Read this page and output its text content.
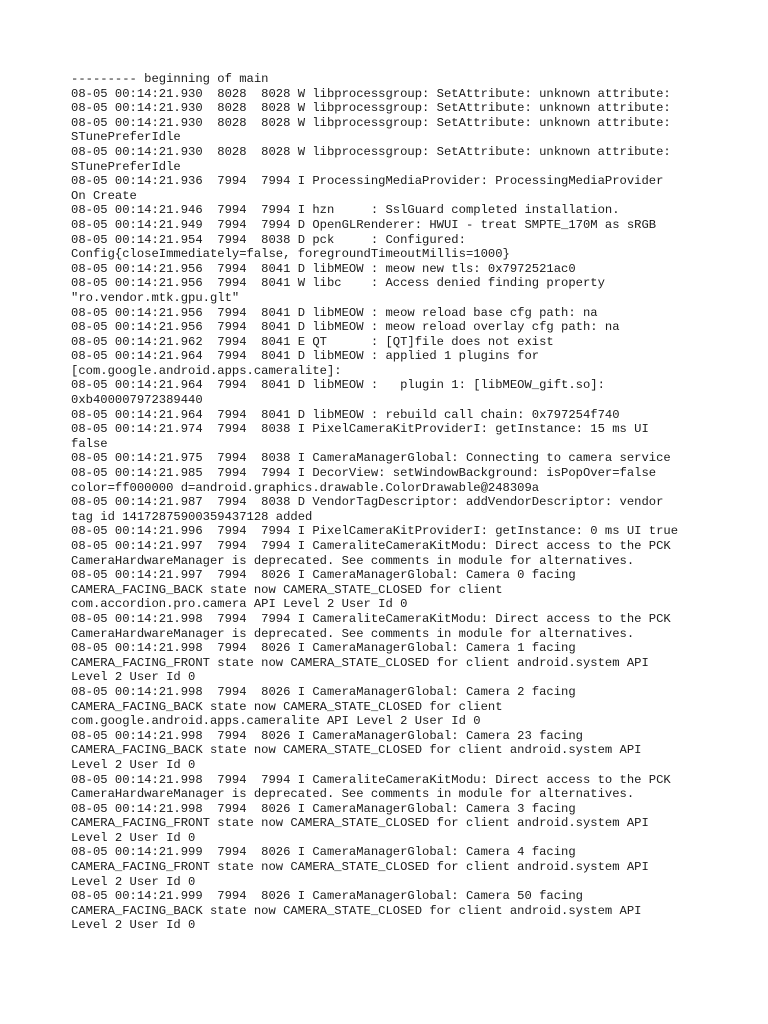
--------- beginning of main
08-05 00:14:21.930  8028  8028 W libprocessgroup: SetAttribute: unknown attribute:
08-05 00:14:21.930  8028  8028 W libprocessgroup: SetAttribute: unknown attribute:
08-05 00:14:21.930  8028  8028 W libprocessgroup: SetAttribute: unknown attribute:
STunePreferIdle
08-05 00:14:21.930  8028  8028 W libprocessgroup: SetAttribute: unknown attribute:
STunePreferIdle
08-05 00:14:21.936  7994  7994 I ProcessingMediaProvider: ProcessingMediaProvider
On Create
08-05 00:14:21.946  7994  7994 I hzn     : SslGuard completed installation.
08-05 00:14:21.949  7994  7994 D OpenGLRenderer: HWUI - treat SMPTE_170M as sRGB
08-05 00:14:21.954  7994  8038 D pck     : Configured:
Config{closeImmediately=false, foregroundTimeoutMillis=1000}
08-05 00:14:21.956  7994  8041 D libMEOW : meow new tls: 0x7972521ac0
08-05 00:14:21.956  7994  8041 W libc    : Access denied finding property
"ro.vendor.mtk.gpu.glt"
08-05 00:14:21.956  7994  8041 D libMEOW : meow reload base cfg path: na
08-05 00:14:21.956  7994  8041 D libMEOW : meow reload overlay cfg path: na
08-05 00:14:21.962  7994  8041 E QT      : [QT]file does not exist
08-05 00:14:21.964  7994  8041 D libMEOW : applied 1 plugins for
[com.google.android.apps.cameralite]:
08-05 00:14:21.964  7994  8041 D libMEOW :   plugin 1: [libMEOW_gift.so]:
0xb400007972389440
08-05 00:14:21.964  7994  8041 D libMEOW : rebuild call chain: 0x797254f740
08-05 00:14:21.974  7994  8038 I PixelCameraKitProviderI: getInstance: 15 ms UI
false
08-05 00:14:21.975  7994  8038 I CameraManagerGlobal: Connecting to camera service
08-05 00:14:21.985  7994  7994 I DecorView: setWindowBackground: isPopOver=false
color=ff000000 d=android.graphics.drawable.ColorDrawable@248309a
08-05 00:14:21.987  7994  8038 D VendorTagDescriptor: addVendorDescriptor: vendor
tag id 14172875900359437128 added
08-05 00:14:21.996  7994  7994 I PixelCameraKitProviderI: getInstance: 0 ms UI true
08-05 00:14:21.997  7994  7994 I CameraliteCameraKitModu: Direct access to the PCK
CameraHardwareManager is deprecated. See comments in module for alternatives.
08-05 00:14:21.997  7994  8026 I CameraManagerGlobal: Camera 0 facing
CAMERA_FACING_BACK state now CAMERA_STATE_CLOSED for client
com.accordion.pro.camera API Level 2 User Id 0
08-05 00:14:21.998  7994  7994 I CameraliteCameraKitModu: Direct access to the PCK
CameraHardwareManager is deprecated. See comments in module for alternatives.
08-05 00:14:21.998  7994  8026 I CameraManagerGlobal: Camera 1 facing
CAMERA_FACING_FRONT state now CAMERA_STATE_CLOSED for client android.system API
Level 2 User Id 0
08-05 00:14:21.998  7994  8026 I CameraManagerGlobal: Camera 2 facing
CAMERA_FACING_BACK state now CAMERA_STATE_CLOSED for client
com.google.android.apps.cameralite API Level 2 User Id 0
08-05 00:14:21.998  7994  8026 I CameraManagerGlobal: Camera 23 facing
CAMERA_FACING_BACK state now CAMERA_STATE_CLOSED for client android.system API
Level 2 User Id 0
08-05 00:14:21.998  7994  7994 I CameraliteCameraKitModu: Direct access to the PCK
CameraHardwareManager is deprecated. See comments in module for alternatives.
08-05 00:14:21.998  7994  8026 I CameraManagerGlobal: Camera 3 facing
CAMERA_FACING_FRONT state now CAMERA_STATE_CLOSED for client android.system API
Level 2 User Id 0
08-05 00:14:21.999  7994  8026 I CameraManagerGlobal: Camera 4 facing
CAMERA_FACING_FRONT state now CAMERA_STATE_CLOSED for client android.system API
Level 2 User Id 0
08-05 00:14:21.999  7994  8026 I CameraManagerGlobal: Camera 50 facing
CAMERA_FACING_BACK state now CAMERA_STATE_CLOSED for client android.system API
Level 2 User Id 0
